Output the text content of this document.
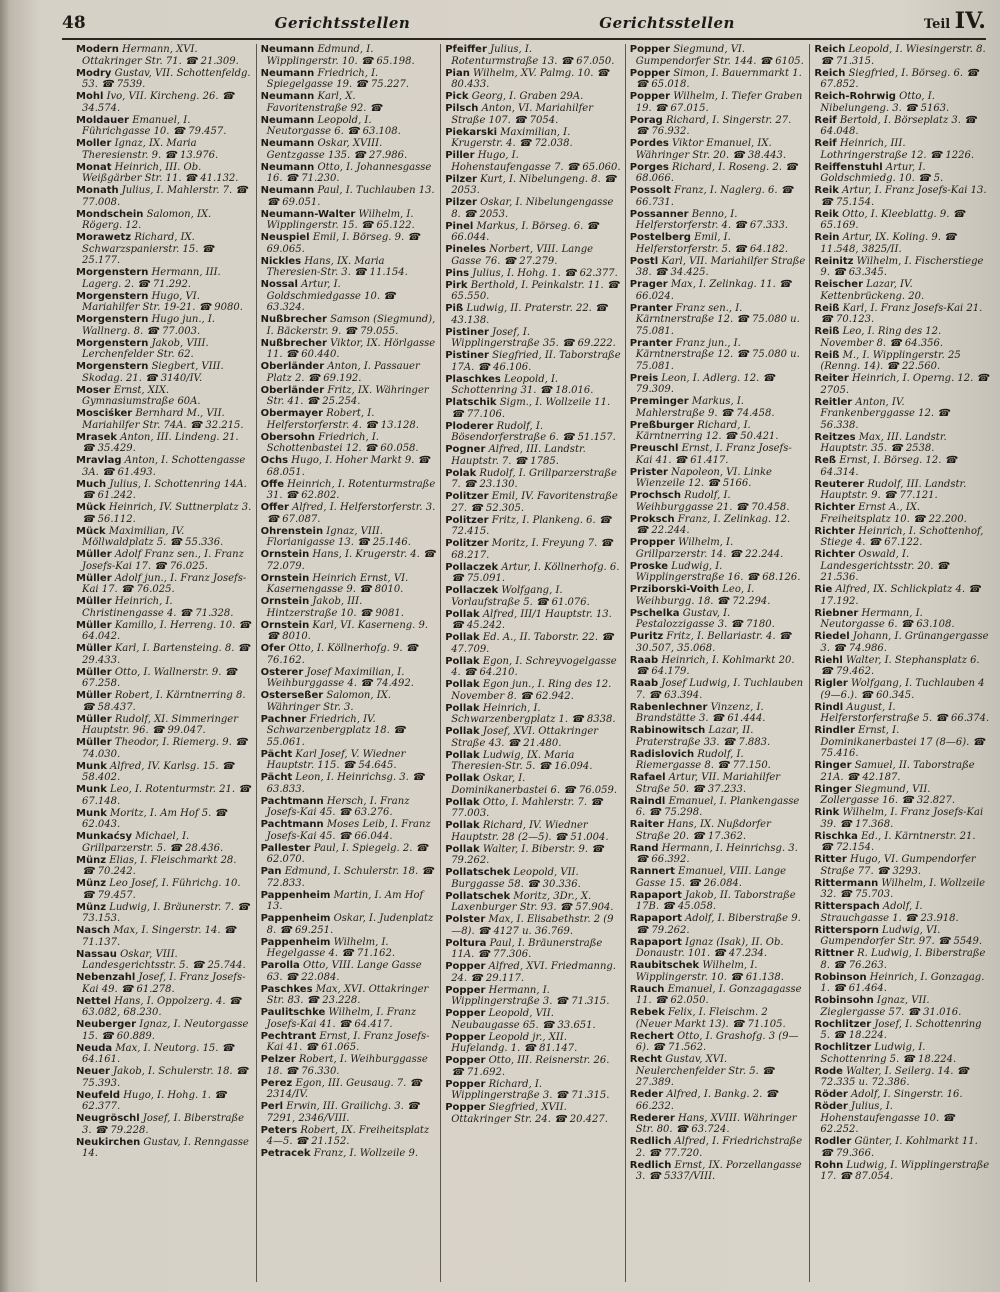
48	Gerichtsstellen	Gerichtsstellen	Teil IV.
Modern Hermann, XVI. Ottakringer Str. 71. ☎ 21.309.
Modry Gustav, VII. Schottenfeldg. 53. ☎ 7539.
Mohl Ivo, VII. Kircheng. 26. ☎ 34.574.
Moldauer Emanuel, I. Führichgasse 10. ☎ 79.457.
Moller Ignaz, IX. Maria Theresienstr. 9. ☎ 13.976.
Monat Heinrich, III. Ob. Weißgärber Str. 11. ☎ 41.132.
Monath Julius, I. Mahlerstr. 7. ☎ 77.008.
Mondschein Salomon, IX. Rögerg. 12.
Morawetz Richard, IX. Schwarzspanierstr. 15. ☎ 25.177.
Morgenstern Hermann, III. Lagerg. 2. ☎ 71.292.
Morgenstern Hugo, VI. Mariahilfer Str. 19-21. ☎ 9080.
Morgenstern Hugo jun., I. Wallnerg. 8. ☎ 77.003.
Morgenstern Jakob, VIII. Lerchenfelder Str. 62.
Morgenstern Siegbert, VIII. Skodag. 21. ☎ 3140/IV.
Moser Ernst, XIX. Gymnasiumstraße 60A.
Mosciśker Bernhard M., VII. Mariahilfer Str. 74A. ☎ 32.215.
Mrasek Anton, III. Lindeng. 21. ☎ 35.429.
Mravlag Anton, I. Schottengasse 3A. ☎ 61.493.
Much Julius, I. Schottenring 14A. ☎ 61.242.
Mück Heinrich, IV. Suttnerplatz 3. ☎ 56.112.
Mück Maximilian, IV. Möllwaldplatz 5. ☎ 55.336.
Müller Adolf Franz sen., I. Franz Josefs-Kai 17. ☎ 76.025.
Müller Adolf jun., I. Franz Josefs-Kai 17. ☎ 76.025.
Müller Heinrich, I. Christinengasse 4. ☎ 71.328.
Müller Kamillo, I. Herreng. 10. ☎ 64.042.
Müller Karl, I. Bartensteing. 8. ☎ 29.433.
Müller Otto, I. Wallnerstr. 9. ☎ 67.258.
Müller Robert, I. Kärntnerring 8. ☎ 58.437.
Müller Rudolf, XI. Simmeringer Hauptstr. 96. ☎ 99.047.
Müller Theodor, I. Riemerg. 9. ☎ 74.030.
Munk Alfred, IV. Karlsg. 15. ☎ 58.402.
Munk Leo, I. Rotenturmstr. 21. ☎ 67.148.
Munk Moritz, I. Am Hof 5. ☎ 62.043.
Munkaćsy Michael, I. Grillparzerstr. 5. ☎ 28.436.
Münz Elias, I. Fleischmarkt 28. ☎ 70.242.
Münz Leo Josef, I. Führichg. 10. ☎ 79.457.
Münz Ludwig, I. Bräunerstr. 7. ☎ 73.153.
Nasch Max, I. Singerstr. 14. ☎ 71.137.
Nassau Oskar, VIII. Landesgerichtsstr. 5. ☎ 25.744.
Nebenzahl Josef, I. Franz Josefs-Kai 49. ☎ 61.278.
Nettel Hans, I. Oppolzerg. 4. ☎ 63.082, 68.230.
Neuberger Ignaz, I. Neutorgasse 15. ☎ 60.889.
Neuda Max, I. Neutorg. 15. ☎ 64.161.
Neuer Jakob, I. Schulerstr. 18. ☎ 75.393.
Neufeld Hugo, I. Hohg. 1. ☎ 62.377.
Neugröschl Josef, I. Biberstraße 3. ☎ 79.228.
Neukirchen Gustav, I. Renngasse 14.
Neumann Edmund, I. Wipplingerstr. 10. ☎ 65.198.
Neumann Friedrich, I. Spiegelgasse 19. ☎ 75.227.
Neumann Karl, X. Favoritenstraße 92. ☎
Neumann Leopold, I. Neutorgasse 6. ☎ 63.108.
Neumann Oskar, XVIII. Gentzgasse 135. ☎ 27.986.
Neumann Otto, I. Johannesgasse 16. ☎ 71.230.
Neumann Paul, I. Tuchlauben 13. ☎ 69.051.
Neumann-Walter Wilhelm, I. Wipplingerstr. 15. ☎ 65.122.
Neuspiel Emil, I. Börseg. 9. ☎ 69.065.
Nickles Hans, IX. Maria Theresien-Str. 3. ☎ 11.154.
Nossal Artur, I. Goldschmiedgasse 10. ☎ 63.324.
Nußbrecher Samson (Siegmund), I. Bäckerstr. 9. ☎ 79.055.
Nußbrecher Viktor, IX. Hörlgasse 11. ☎ 60.440.
Oberländer Anton, I. Passauer Platz 2. ☎ 69.192.
Oberländer Fritz, IX. Währinger Str. 41. ☎ 25.254.
Obermayer Robert, I. Helferstorferstr. 4. ☎ 13.128.
Obersohn Friedrich, I. Schottenbastei 12. ☎ 60.058.
Ochs Hugo, I. Hoher Markt 9. ☎ 68.051.
Offe Heinrich, I. Rotenturmstraße 31. ☎ 62.802.
Offer Alfred, I. Helferstorferstr. 3. ☎ 67.087.
Ohrenstein Ignaz, VIII. Florianigasse 13. ☎ 25.146.
Ornstein Hans, I. Krugerstr. 4. ☎ 72.079.
Ornstein Heinrich Ernst, VI. Kasernengasse 9. ☎ 8010.
Ornstein Jakob, III. Hintzerstraße 10. ☎ 9081.
Ornstein Karl, VI. Kaserneng. 9. ☎ 8010.
Ofer Otto, I. Köllnerhofg. 9. ☎ 76.162.
Osterer Josef Maximilian, I. Weihburggasse 4. ☎ 74.492.
Osterseßer Salomon, IX. Währinger Str. 3.
Pachner Friedrich, IV. Schwarzenbergplatz 18. ☎ 55.061.
Pächt Karl Josef, V. Wiedner Hauptstr. 115. ☎ 54.645.
Pächt Leon, I. Heinrichsg. 3. ☎ 63.833.
Pachtmann Hersch, I. Franz Josefs-Kai 45. ☎ 63.276.
Pachtmann Moses Leib, I. Franz Josefs-Kai 45. ☎ 66.044.
Pallester Paul, I. Spiegelg. 2. ☎ 62.070.
Pan Edmund, I. Schulerstr. 18. ☎ 72.833.
Pappenheim Martin, I. Am Hof 13.
Pappenheim Oskar, I. Judenplatz 8. ☎ 69.251.
Pappenheim Wilhelm, I. Hegelgasse 4. ☎ 71.162.
Parolla Otto, VIII. Lange Gasse 63. ☎ 22.084.
Paschkes Max, XVI. Ottakringer Str. 83. ☎ 23.228.
Paulitschke Wilhelm, I. Franz Josefs-Kai 41. ☎ 64.417.
Pechtrant Ernst, I. Franz Josefs-Kai 41. ☎ 61.065.
Pelzer Robert, I. Weihburggasse 18. ☎ 76.330.
Perez Egon, III. Geusaug. 7. ☎ 2314/IV.
Perl Erwin, III. Grailichg. 3. ☎ 7291, 2346/VIII.
Peters Robert, IX. Freiheitsplatz 4—5. ☎ 21.152.
Petracek Franz, I. Wollzeile 9.
Pfeiffer Julius, I. Rotenturmstraße 13. ☎ 67.050.
Pian Wilhelm, XV. Palmg. 10. ☎ 80.433.
Pick Georg, I. Graben 29A.
Pilsch Anton, VI. Mariahilfer Straße 107. ☎ 7054.
Piekarski Maximilian, I. Krugerstr. 4. ☎ 72.038.
Piller Hugo, I. Hohenstaufengasse 7. ☎ 65.060.
Pilzer Kurt, I. Nibelungeng. 8. ☎ 2053.
Pilzer Oskar, I. Nibelungengasse 8. ☎ 2053.
Pinel Markus, I. Börseg. 6. ☎ 66.044.
Pineles Norbert, VIII. Lange Gasse 76. ☎ 27.279.
Pins Julius, I. Hohg. 1. ☎ 62.377.
Pirk Berthold, I. Peinkalstr. 11. ☎ 65.550.
Piß Ludwig, II. Praterstr. 22. ☎ 43.138.
Pistiner Josef, I. Wipplingerstraße 35. ☎ 69.222.
Pistiner Siegfried, II. Taborstraße 17A. ☎ 46.106.
Plaschkes Leopold, I. Schottenring 31. ☎ 18.016.
Platschik Sigm., I. Wollzeile 11. ☎ 77.106.
Ploderer Rudolf, I. Bösendorferstraße 6. ☎ 51.157.
Pogner Alfred, III. Landstr. Hauptstr. 7. ☎ 1785.
Polak Rudolf, I. Grillparzerstraße 7. ☎ 23.130.
Politzer Emil, IV. Favoritenstraße 27. ☎ 52.305.
Politzer Fritz, I. Plankeng. 6. ☎ 72.415.
Politzer Moritz, I. Freyung 7. ☎ 68.217.
Pollaczek Artur, I. Köllnerhofg. 6. ☎ 75.091.
Pollaczek Wolfgang, I. Vorlaufstraße 5. ☎ 61.076.
Pollak Alfred, III/1 Hauptstr. 13. ☎ 45.242.
Pollak Ed. A., II. Taborstr. 22. ☎ 47.709.
Pollak Egon, I. Schreyvogelgasse 4. ☎ 64.210.
Pollak Egon jun., I. Ring des 12. November 8. ☎ 62.942.
Pollak Heinrich, I. Schwarzenbergplatz 1. ☎ 8338.
Pollak Josef, XVI. Ottakringer Straße 43. ☎ 21.480.
Pollak Ludwig, IX. Maria Theresien-Str. 5. ☎ 16.094.
Pollak Oskar, I. Dominikanerbastei 6. ☎ 76.059.
Pollak Otto, I. Mahlerstr. 7. ☎ 77.003.
Pollak Richard, IV. Wiedner Hauptstr. 28 (2—5). ☎ 51.004.
Pollak Walter, I. Biberstr. 9. ☎ 79.262.
Pollatschek Leopold, VII. Burggasse 58. ☎ 30.336.
Pollatschek Moritz, 3Dr., X. Laxenburger Str. 93. ☎ 57.904.
Polster Max, I. Elisabethstr. 2 (9—8). ☎ 4127 u. 36.769.
Poltura Paul, I. Bräunerstraße 11A. ☎ 77.306.
Popper Alfred, XVI. Friedmanng. 24. ☎ 29.117.
Popper Hermann, I. Wipplingerstraße 3. ☎ 71.315.
Popper Leopold, VII. Neubaugasse 65. ☎ 33.651.
Popper Leopold jr., XII. Hufelandg. 1. ☎ 81.147.
Popper Otto, III. Reisnerstr. 26. ☎ 71.692.
Popper Richard, I. Wipplingerstraße 3. ☎ 71.315.
Popper Siegfried, XVII. Ottakringer Str. 24. ☎ 20.427.
Popper Siegmund, VI. Gumpendorfer Str. 144. ☎ 6105.
Popper Simon, I. Bauernmarkt 1. ☎ 65.018.
Popper Wilhelm, I. Tiefer Graben 19. ☎ 67.015.
Porag Richard, I. Singerstr. 27. ☎ 76.932.
Pordes Viktor Emanuel, IX. Währinger Str. 20. ☎ 38.443.
Porges Richard, I. Roseng. 2. ☎ 68.066.
Possolt Franz, I. Naglerg. 6. ☎ 66.731.
Possanner Benno, I. Helferstorferstr. 4. ☎ 67.333.
Postelberg Emil, I. Helferstorferstr. 5. ☎ 64.182.
Postl Karl, VII. Mariahilfer Straße 38. ☎ 34.425.
Prager Max, I. Zelinkag. 11. ☎ 66.024.
Pranter Franz sen., I. Kärntnerstraße 12. ☎ 75.080 u. 75.081.
Pranter Franz jun., I. Kärntnerstraße 12. ☎ 75.080 u. 75.081.
Preis Leon, I. Adlerg. 12. ☎ 79.309.
Preminger Markus, I. Mahlerstraße 9. ☎ 74.458.
Preßburger Richard, I. Kärntnerring 12. ☎ 50.421.
Preuschl Ernst, I. Franz Josefs-Kai 41. ☎ 61.417.
Prister Napoleon, VI. Linke Wienzeile 12. ☎ 5166.
Prochsch Rudolf, I. Weihburggasse 21. ☎ 70.458.
Proksch Franz, I. Zelinkag. 12. ☎ 22.244.
Propper Wilhelm, I. Grillparzerstr. 14. ☎ 22.244.
Proske Ludwig, I. Wipplingerstraße 16. ☎ 68.126.
Prziborski-Voith Leo, I. Weihburgg. 18. ☎ 72.294.
Pschelka Gustav, I. Pestalozzigasse 3. ☎ 7180.
Puritz Fritz, I. Bellariastr. 4. ☎ 30.507, 35.068.
Raab Heinrich, I. Kohlmarkt 20. ☎ 64.179.
Raab Josef Ludwig, I. Tuchlauben 7. ☎ 63.394.
Rabenlechner Vinzenz, I. Brandstätte 3. ☎ 61.444.
Rabinowitsch Lazar, II. Praterstraße 33. ☎ 7.883.
Radislovich Rudolf, I. Riemergasse 8. ☎ 77.150.
Rafael Artur, VII. Mariahilfer Straße 50. ☎ 37.233.
Raindl Emanuel, I. Plankengasse 6. ☎ 75.298.
Raiter Hans, IX. Nußdorfer Straße 20. ☎ 17.362.
Rand Hermann, I. Heinrichsg. 3. ☎ 66.392.
Rannert Emanuel, VIII. Lange Gasse 15. ☎ 26.084.
Rapaport Jakob, II. Taborstraße 17B. ☎ 45.058.
Rapaport Adolf, I. Biberstraße 9. ☎ 79.262.
Rapaport Ignaz (Isak), II. Ob. Donaustr. 101. ☎ 47.234.
Raubitschek Wilhelm, I. Wipplingerstr. 10. ☎ 61.138.
Rauch Emanuel, I. Gonzagagasse 11. ☎ 62.050.
Rebek Felix, I. Fleischm. 2 (Neuer Markt 13). ☎ 71.105.
Rechert Otto, I. Grashofg. 3 (9—6). ☎ 71.562.
Recht Gustav, XVI. Neulerchenfelder Str. 5. ☎ 27.389.
Reder Alfred, I. Bankg. 2. ☎ 66.232.
Rederer Hans, XVIII. Währinger Str. 80. ☎ 63.724.
Redlich Alfred, I. Friedrichstraße 2. ☎ 77.720.
Redlich Ernst, IX. Porzellangasse 3. ☎ 5337/VIII.
Reich Leopold, I. Wiesingerstr. 8. ☎ 71.315.
Reich Siegfried, I. Börseg. 6. ☎ 67.852.
Reich-Rohrwig Otto, I. Nibelungeng. 3. ☎ 5163.
Reif Bertold, I. Börseplatz 3. ☎ 64.048.
Reif Heinrich, III. Lothringerstraße 12. ☎ 1226.
Reiffenstuhl Artur, I. Goldschmiedg. 10. ☎ 5.
Reik Artur, I. Franz Josefs-Kai 13. ☎ 75.154.
Reik Otto, I. Kleeblattg. 9. ☎ 65.169.
Rein Artur, IX. Koling. 9. ☎ 11.548, 3825/II.
Reinitz Wilhelm, I. Fischerstiege 9. ☎ 63.345.
Reischer Lazar, IV. Kettenbrückeng. 20.
Reiß Karl, I. Franz Josefs-Kai 21. ☎ 70.123.
Reiß Leo, I. Ring des 12. November 8. ☎ 64.356.
Reiß M., I. Wipplingerstr. 25 (Renng. 14). ☎ 22.560.
Reiter Heinrich, I. Operng. 12. ☎ 2705.
Reitler Anton, IV. Frankenberggasse 12. ☎ 56.338.
Reitzes Max, III. Landstr. Hauptstr. 35. ☎ 2538.
Reß Ernst, I. Börseg. 12. ☎ 64.314.
Reuterer Rudolf, III. Landstr. Hauptstr. 9. ☎ 77.121.
Richter Ernst A., IX. Freiheitsplatz 10. ☎ 22.200.
Richter Heinrich, I. Schottenhof, Stiege 4. ☎ 67.122.
Richter Oswald, I. Landesgerichtsstr. 20. ☎ 21.536.
Rie Alfred, IX. Schlickplatz 4. ☎ 17.192.
Riebner Hermann, I. Neutorgasse 6. ☎ 63.108.
Riedel Johann, I. Grünangergasse 3. ☎ 74.986.
Riehl Walter, I. Stephansplatz 6. ☎ 79.462.
Rigler Wolfgang, I. Tuchlauben 4 (9—6.). ☎ 60.345.
Rindl August, I. Helferstorferstraße 5. ☎ 66.374.
Rindler Ernst, I. Dominikanerbastei 17 (8—6). ☎ 75.416.
Ringer Samuel, II. Taborstraße 21A. ☎ 42.187.
Ringer Siegmund, VII. Zollergasse 16. ☎ 32.827.
Rink Wilhelm, I. Franz Josefs-Kai 39. ☎ 17.368.
Rischka Ed., I. Kärntnerstr. 21. ☎ 72.154.
Ritter Hugo, VI. Gumpendorfer Straße 77. ☎ 3293.
Rittermann Wilhelm, I. Wollzeile 32. ☎ 75.703.
Ritterspach Adolf, I. Strauchgasse 1. ☎ 23.918.
Rittersporn Ludwig, VI. Gumpendorfer Str. 97. ☎ 5549.
Rittner R. Ludwig, I. Biberstraße 8. ☎ 76.263.
Robinson Heinrich, I. Gonzagag. 1. ☎ 61.464.
Robinsohn Ignaz, VII. Zieglergasse 57. ☎ 31.016.
Rochlitzer Josef, I. Schottenring 5. ☎ 18.224.
Rochlitzer Ludwig, I. Schottenring 5. ☎ 18.224.
Rode Walter, I. Seilerg. 14. ☎ 72.335 u. 72.386.
Röder Adolf, I. Singerstr. 16.
Röder Julius, I. Hohenstaufengasse 10. ☎ 62.252.
Rodler Günter, I. Kohlmarkt 11. ☎ 79.366.
Rohn Ludwig, I. Wipplingerstraße 17. ☎ 87.054.
